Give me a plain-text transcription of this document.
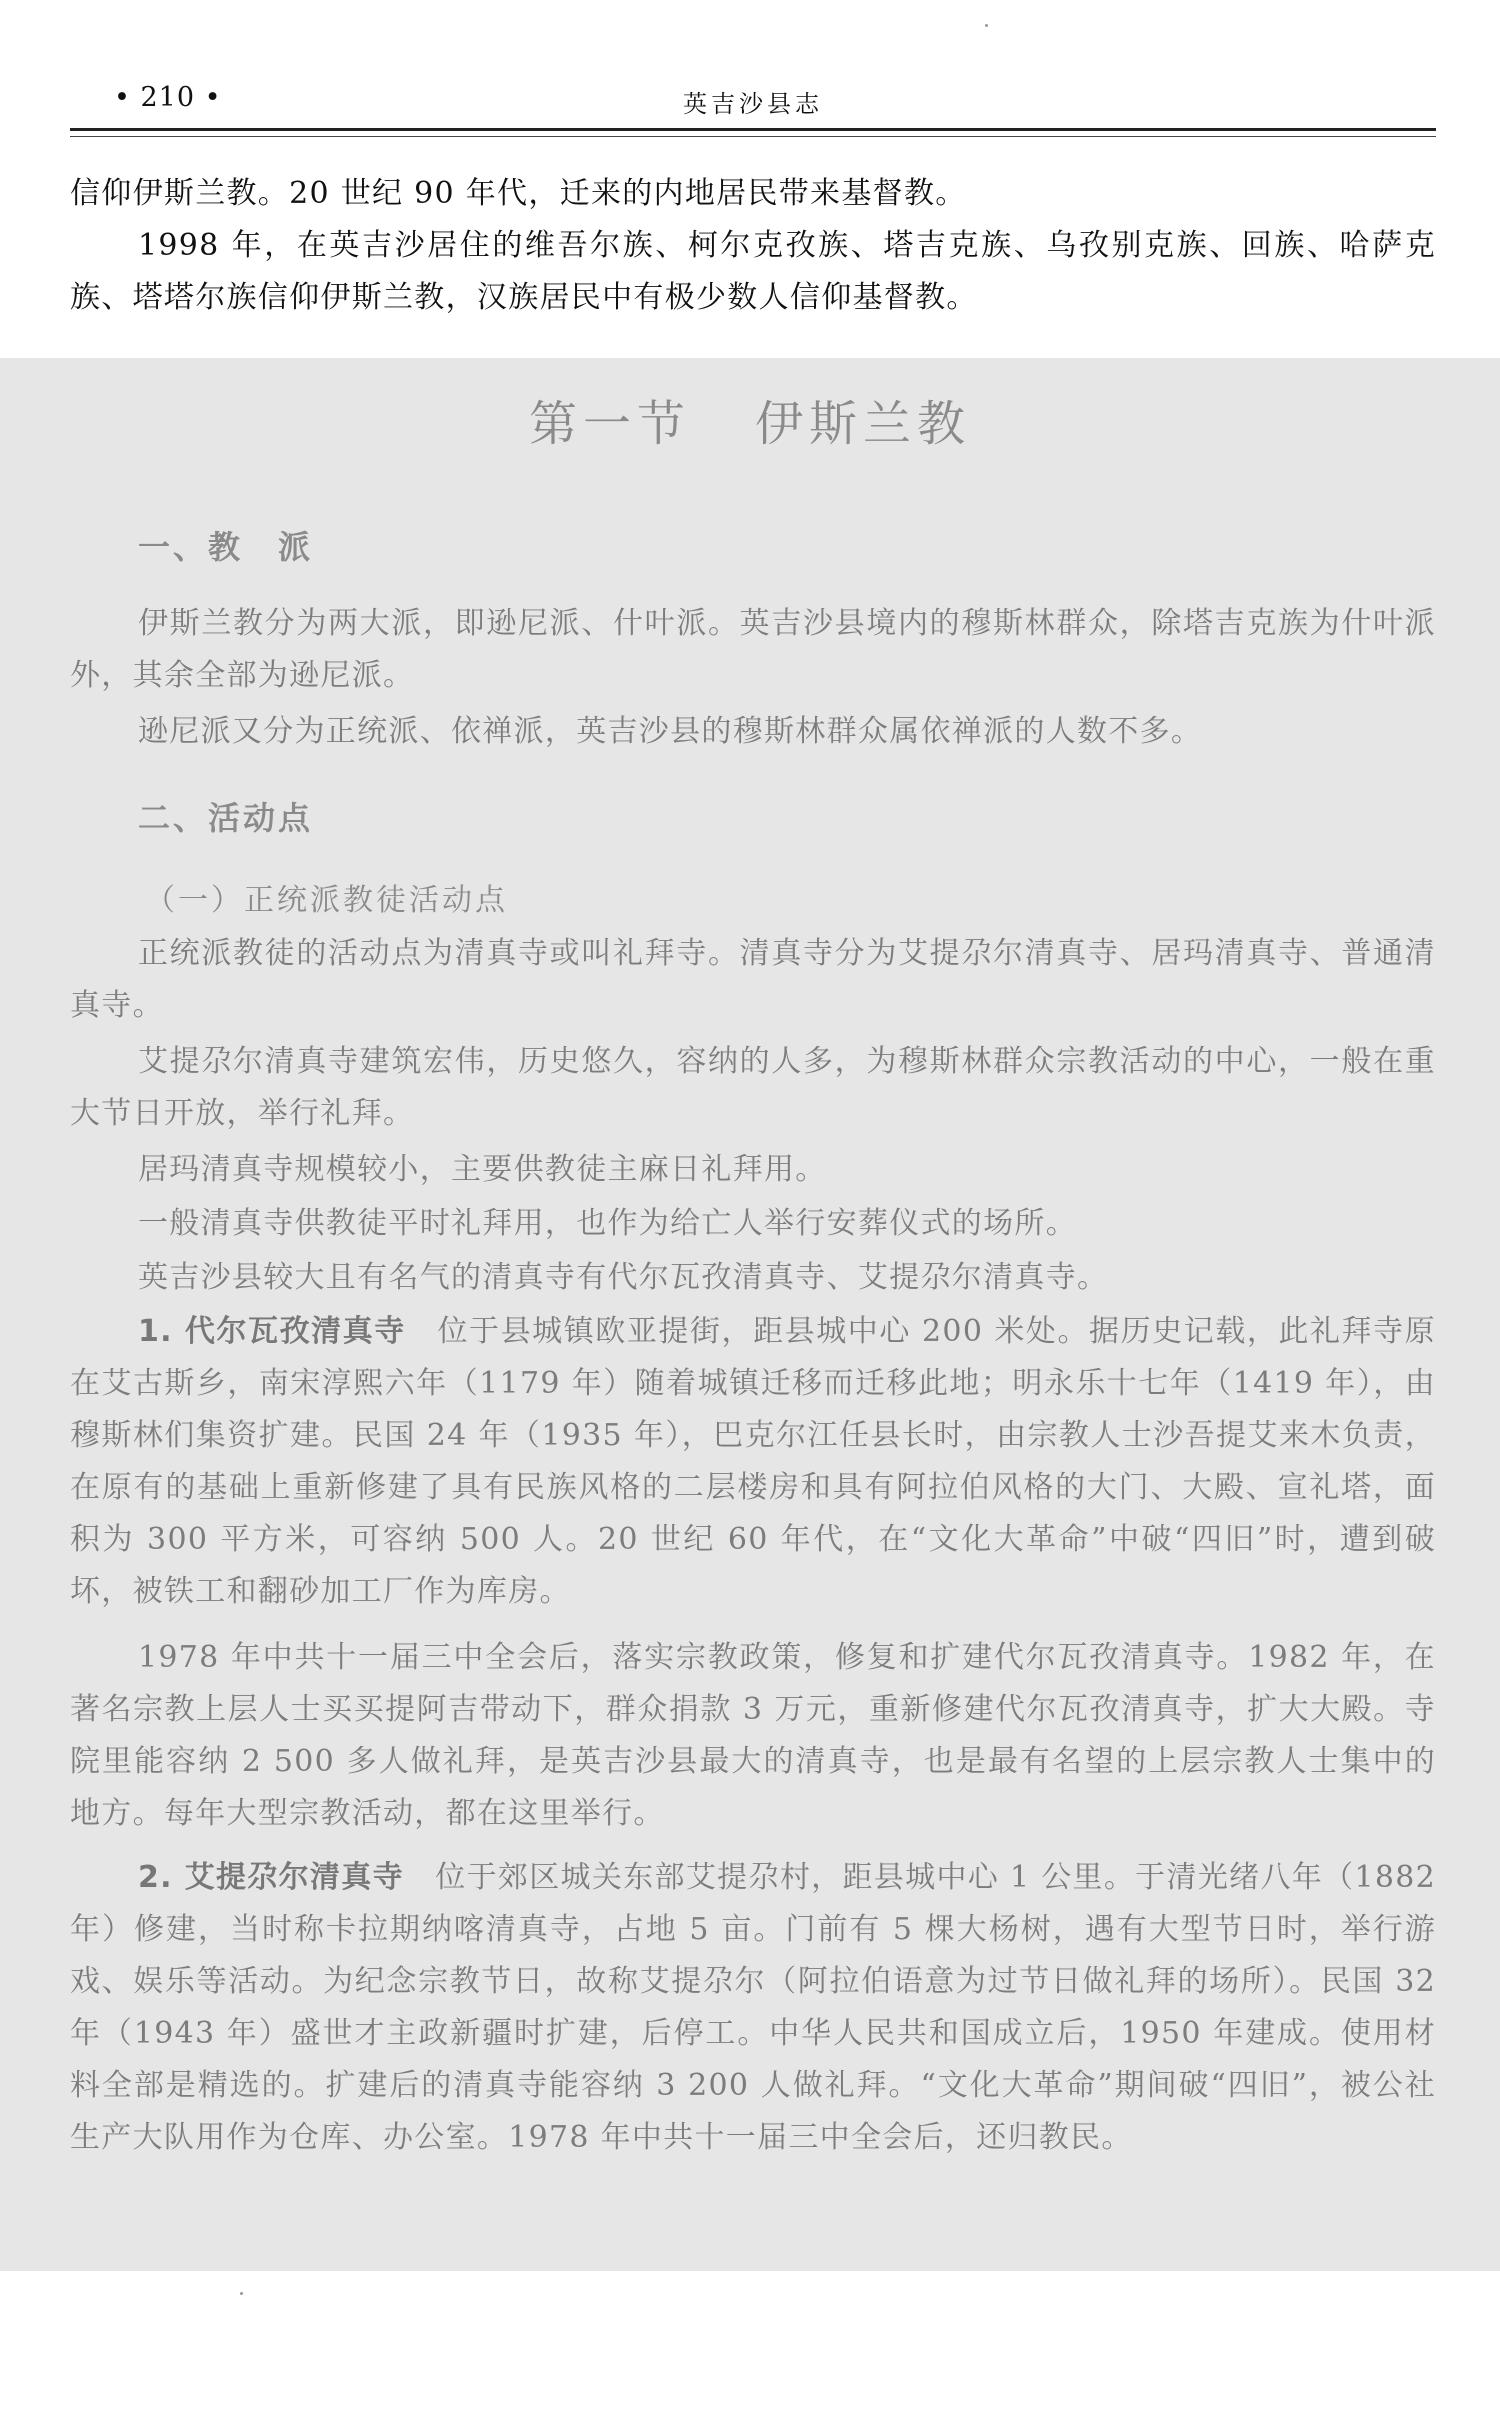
• 210 •	英吉沙县志

信仰伊斯兰教。20 世纪 90 年代，迁来的内地居民带来基督教。

1998 年，在英吉沙居住的维吾尔族、柯尔克孜族、塔吉克族、乌孜别克族、回族、哈萨克族、塔塔尔族信仰伊斯兰教，汉族居民中有极少数人信仰基督教。

第一节 伊斯兰教
一、教　派

伊斯兰教分为两大派，即逊尼派、什叶派。英吉沙县境内的穆斯林群众，除塔吉克族为什叶派外，其余全部为逊尼派。

逊尼派又分为正统派、依禅派，英吉沙县的穆斯林群众属依禅派的人数不多。

二、活动点
（一）正统派教徒活动点

正统派教徒的活动点为清真寺或叫礼拜寺。清真寺分为艾提尕尔清真寺、居玛清真寺、普通清真寺。

艾提尕尔清真寺建筑宏伟，历史悠久，容纳的人多，为穆斯林群众宗教活动的中心，一般在重大节日开放，举行礼拜。

居玛清真寺规模较小，主要供教徒主麻日礼拜用。

一般清真寺供教徒平时礼拜用，也作为给亡人举行安葬仪式的场所。

英吉沙县较大且有名气的清真寺有代尔瓦孜清真寺、艾提尕尔清真寺。

1. 代尔瓦孜清真寺　 位于县城镇欧亚提街，距县城中心 200 米处。据历史记载，此礼拜寺原在艾古斯乡，南宋淳熙六年（1179 年）随着城镇迁移而迁移此地；明永乐十七年（1419 年），由穆斯林们集资扩建。民国 24 年（1935 年），巴克尔江任县长时，由宗教人士沙吾提艾来木负责，在原有的基础上重新修建了具有民族风格的二层楼房和具有阿拉伯风格的大门、大殿、宣礼塔，面积为 300 平方米，可容纳 500 人。20 世纪 60 年代，在“文化大革命”中破“四旧”时，遭到破坏，被铁工和翻砂加工厂作为库房。

1978 年中共十一届三中全会后，落实宗教政策，修复和扩建代尔瓦孜清真寺。1982 年，在著名宗教上层人士买买提阿吉带动下，群众捐款 3 万元，重新修建代尔瓦孜清真寺，扩大大殿。寺院里能容纳 2 500 多人做礼拜，是英吉沙县最大的清真寺，也是最有名望的上层宗教人士集中的地方。每年大型宗教活动，都在这里举行。

2. 艾提尕尔清真寺　 位于郊区城关东部艾提尕村，距县城中心 1 公里。于清光绪八年（1882 年）修建，当时称卡拉期纳喀清真寺，占地 5 亩。门前有 5 棵大杨树，遇有大型节日时，举行游戏、娱乐等活动。为纪念宗教节日，故称艾提尕尔（阿拉伯语意为过节日做礼拜的场所）。民国 32 年（1943 年）盛世才主政新疆时扩建，后停工。中华人民共和国成立后，1950 年建成。使用材料全部是精选的。扩建后的清真寺能容纳 3 200 人做礼拜。“文化大革命”期间破“四旧”，被公社生产大队用作为仓库、办公室。1978 年中共十一届三中全会后，还归教民。
